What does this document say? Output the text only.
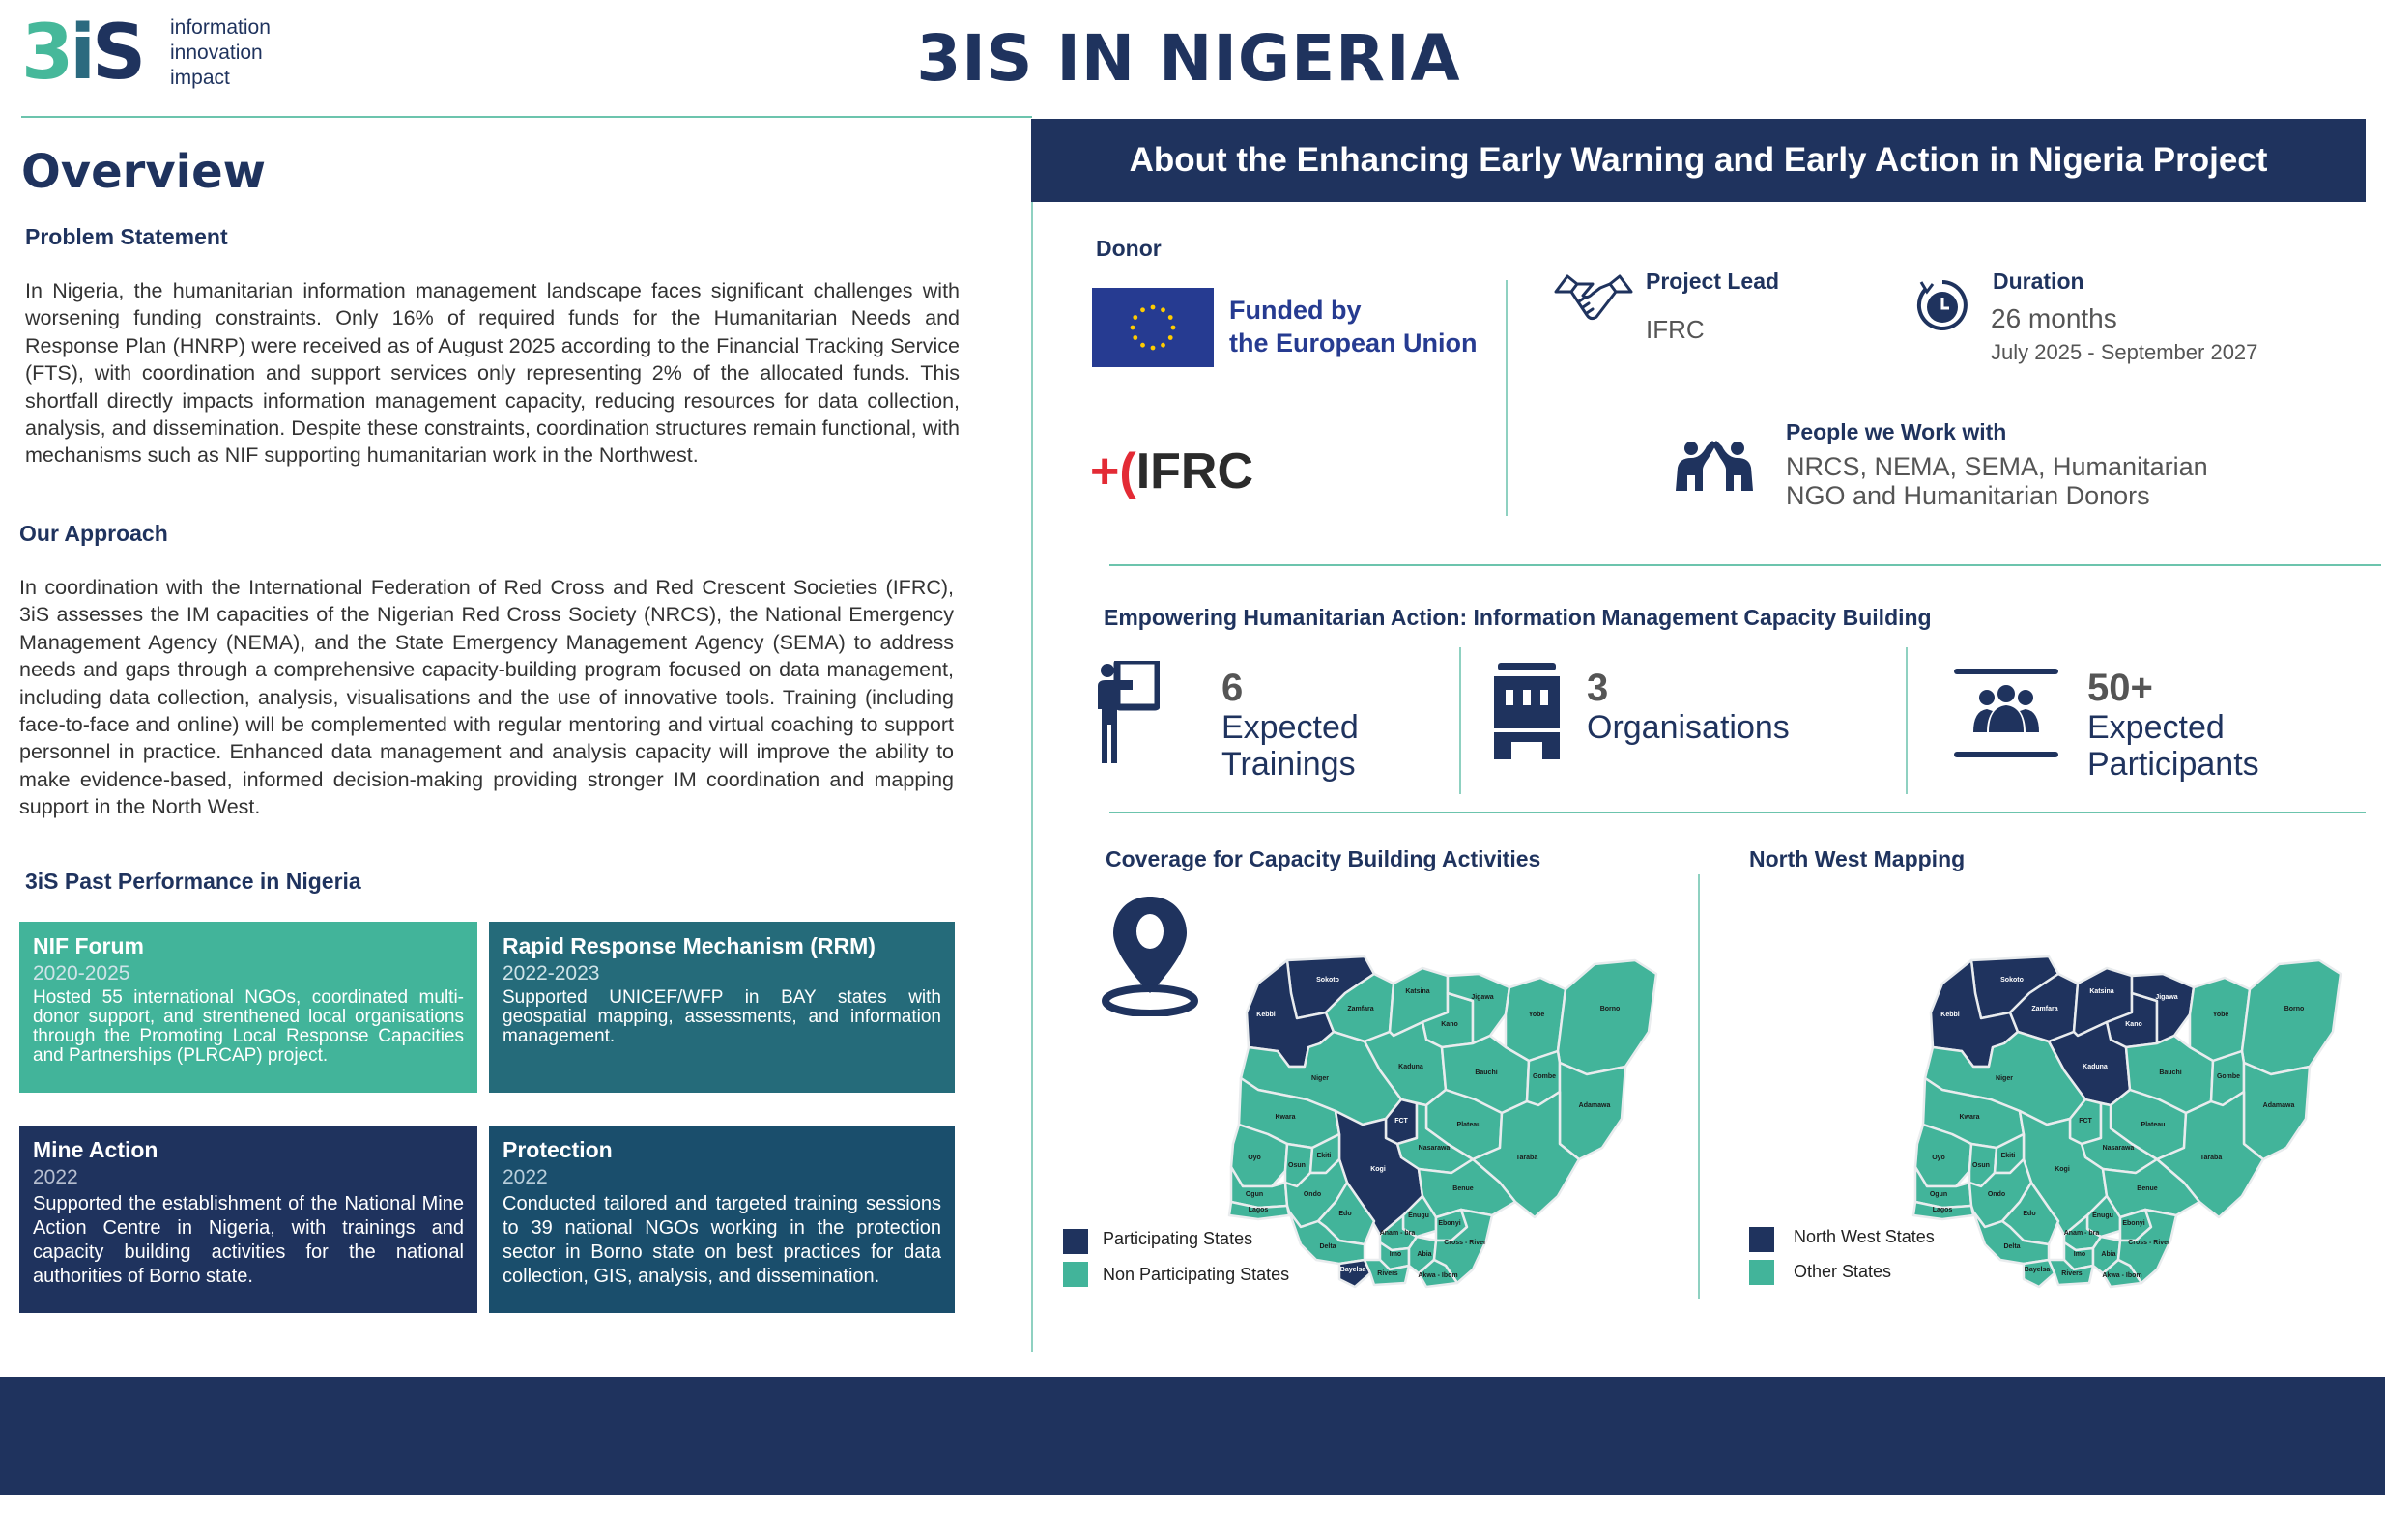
3iS information
innovation
impact	3IS IN NIGERIA
Overview
Problem Statement
In Nigeria, the humanitarian information management landscape faces significant challenges with worsening funding constraints. Only 16% of required funds for the Humanitarian Needs and Response Plan (HNRP) were received as of August 2025 according to the Financial Tracking Service (FTS), with coordination and support services only representing 2% of the allocated funds. This shortfall directly impacts information management capacity, reducing resources for data collection, analysis, and dissemination. Despite these constraints, coordination structures remain functional, with mechanisms such as NIF supporting humanitarian work in the Northwest.
Our Approach
In coordination with the International Federation of Red Cross and Red Crescent Societies (IFRC), 3iS assesses the IM capacities of the Nigerian Red Cross Society (NRCS), the National Emergency Management Agency (NEMA), and the State Emergency Management Agency (SEMA) to address needs and gaps through a comprehensive capacity-building program focused on data management, including data collection, analysis, visualisations and the use of innovative tools. Training (including face-to-face and online) will be complemented with regular mentoring and virtual coaching to support personnel in practice. Enhanced data management and analysis capacity will improve the ability to make evidence-based, informed decision-making providing stronger IM coordination and mapping support in the North West.
3iS Past Performance in Nigeria
NIF Forum
2020-2025
Hosted 55 international NGOs, coordinated multi-donor support, and strenthened local organisations through the Promoting Local Response Capacities and Partnerships (PLRCAP) project.
Rapid Response Mechanism (RRM)
2022-2023
Supported UNICEF/WFP in BAY states with geospatial mapping, assessments, and information management.
Mine Action
2022
Supported the establishment of the National Mine Action Centre in Nigeria, with trainings and capacity building activities for the national authorities of Borno state.
Protection
2022
Conducted tailored and targeted training sessions to 39 national NGOs working in the protection sector in Borno state on best practices for data collection, GIS, analysis, and dissemination.
About the Enhancing Early Warning and Early Action in Nigeria Project
Donor
Funded by
the European Union
+(IFRC
Project Lead
IFRC
Duration
26 months
July 2025 - September 2027
People we Work with
NRCS, NEMA, SEMA, Humanitarian
NGO and Humanitarian Donors
Empowering Humanitarian Action: Information Management Capacity Building
6
Expected
Trainings
3
Organisations
50+
Expected
Participants
Coverage for Capacity Building Activities	North West Mapping
Sokoto
Kebbi
Zamfara
Katsina
Kano
Jigawa
Yobe
Borno
Kaduna
Bauchi
Gombe
Niger
Adamawa
Kwara
FCT
Plateau
Nasarawa
Oyo
Kogi
Taraba
Osun
Ekiti
Benue
Ogun	Ondo
Lagos
Edo	Enugu
Anam - bra
Ebonyi
Delta
Imo Abia
Cross - River
Bayelsa
Rivers	Akwa - Ibom
Sokoto
Kebbi
Zamfara
Katsina
Kano
Jigawa
Yobe
Borno
Kaduna
Bauchi
Gombe
Niger
Adamawa
Kwara
FCT
Plateau
Nasarawa
Oyo
Kogi
Taraba
Osun
Ekiti
Benue
Ogun	Ondo
Lagos
Edo	Enugu
Anam - bra
Ebonyi
Delta
Imo Abia
Cross - River
Bayelsa
Rivers	Akwa - Ibom
Participating States
Non Participating States
North West States
Other States
